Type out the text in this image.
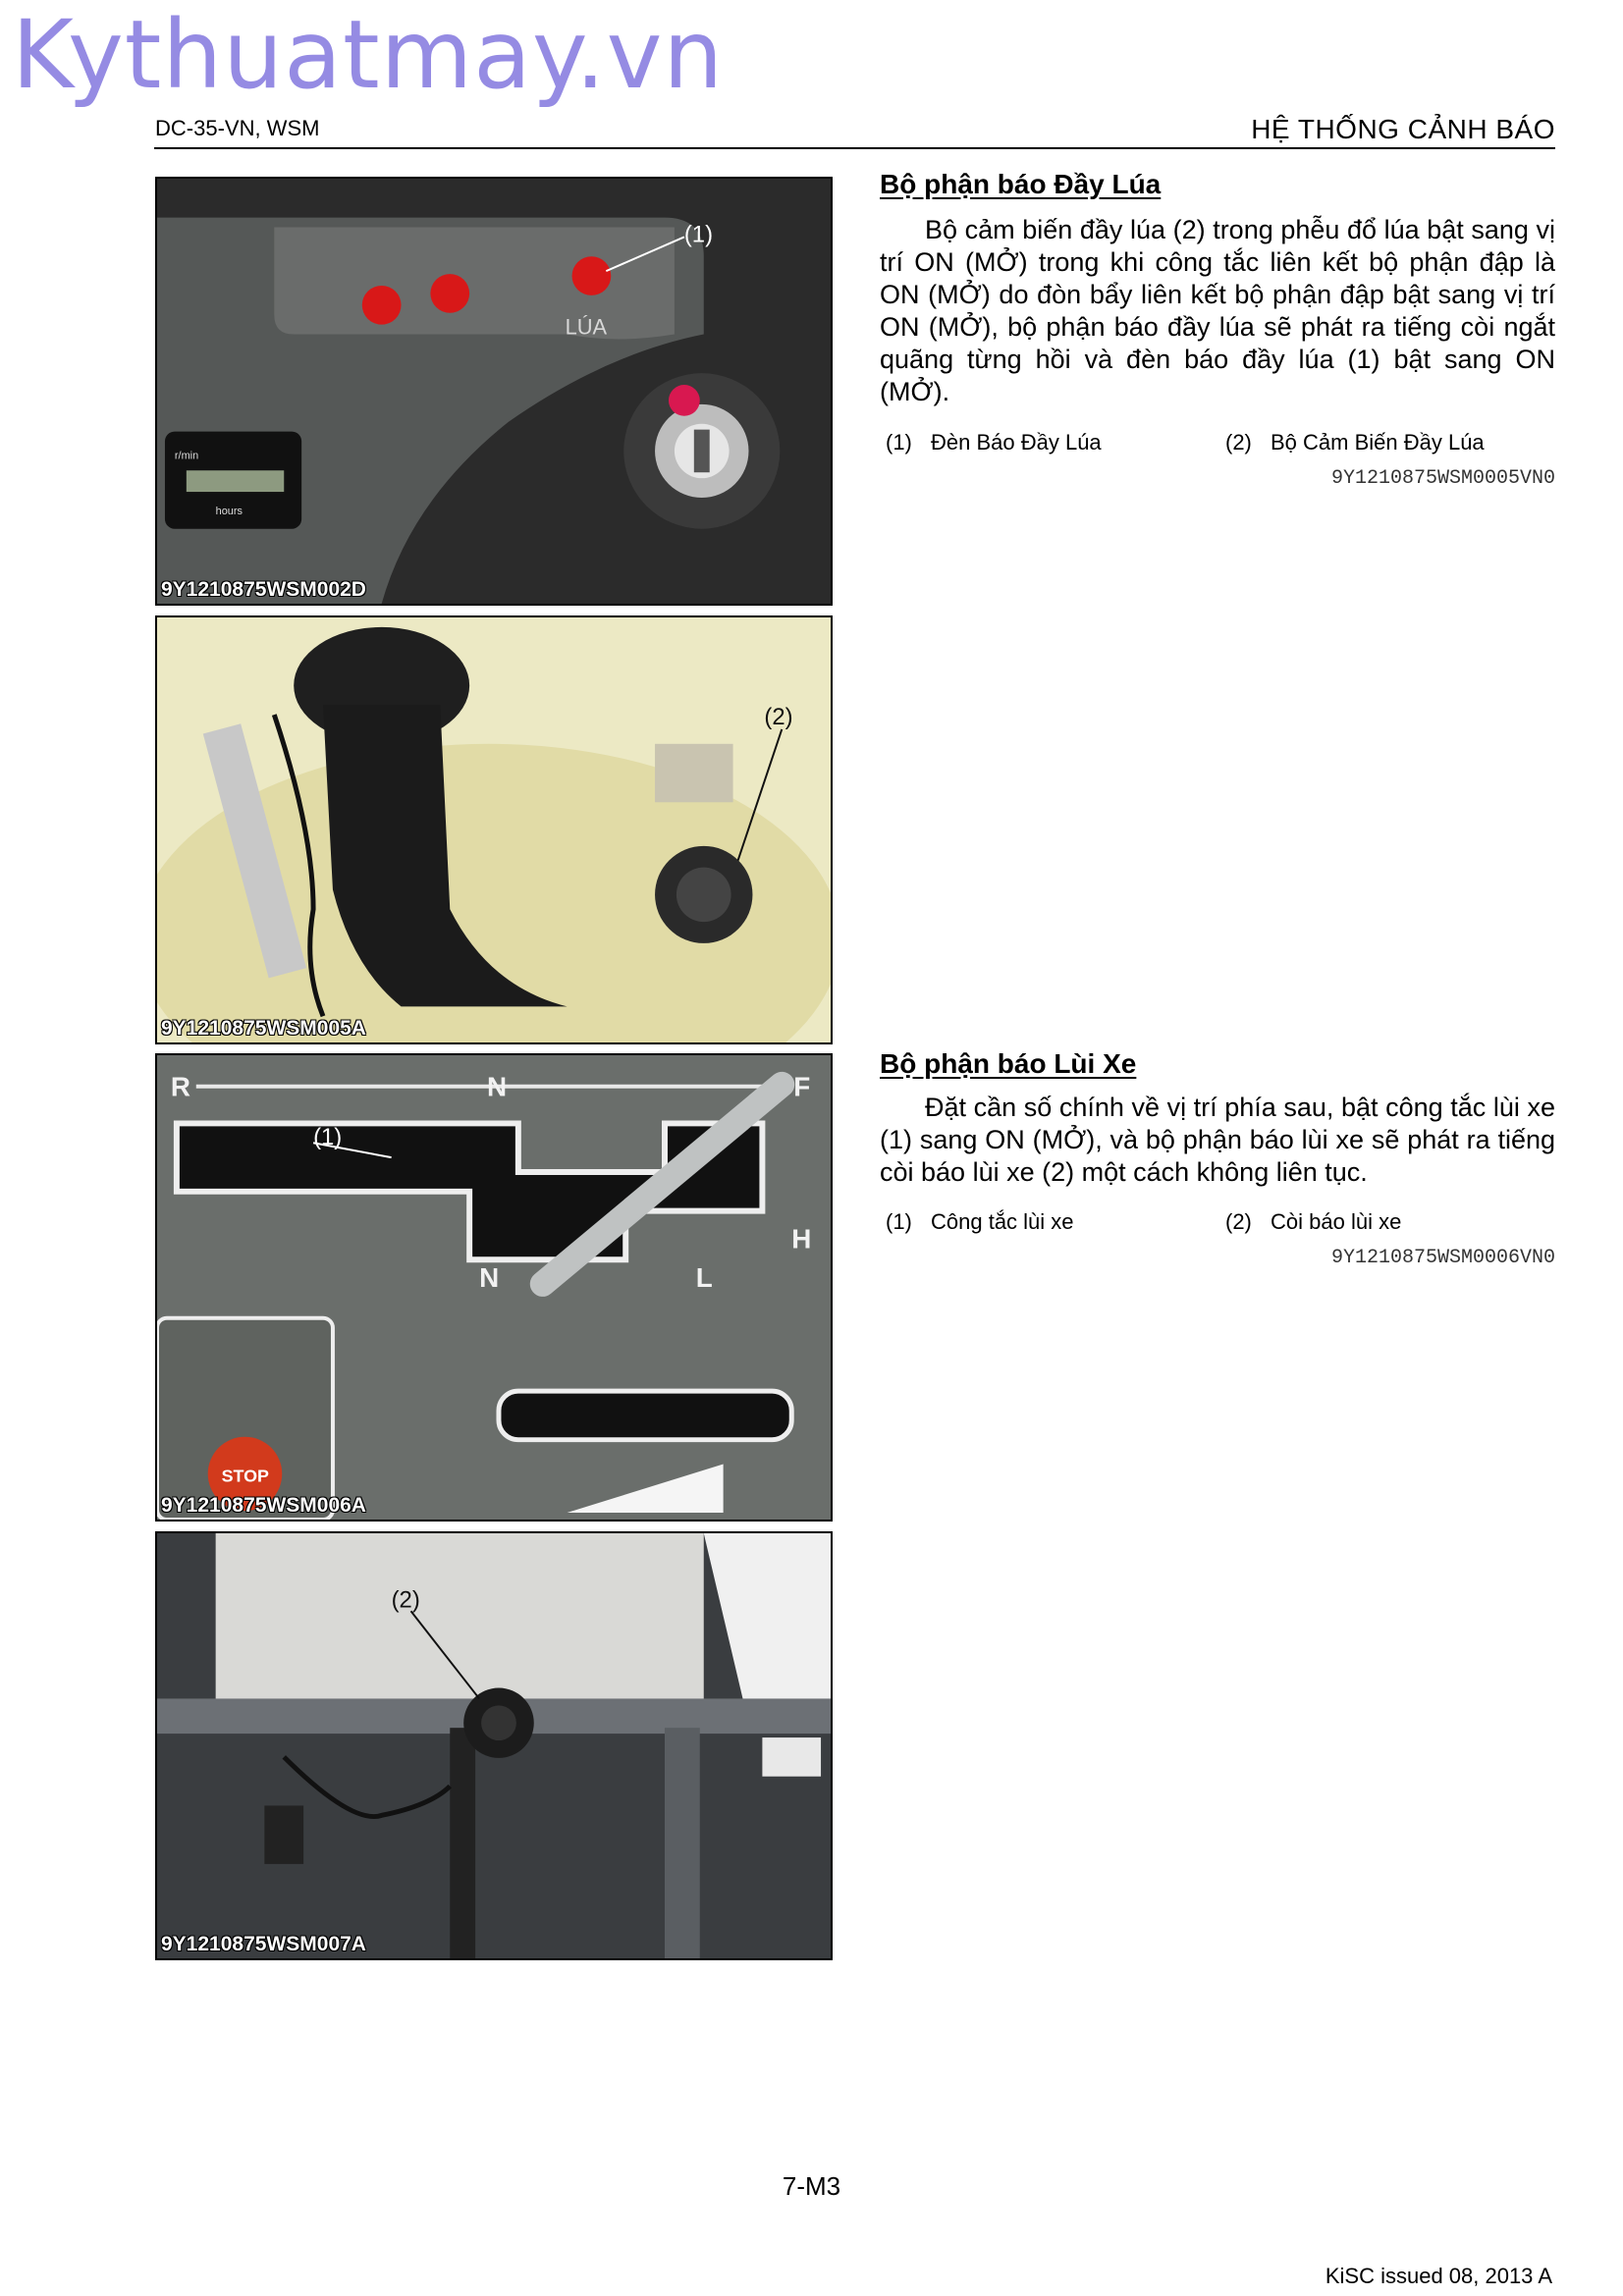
Kythuatmay.vn
DC-35-VN, WSM	HỆ THỐNG CẢNH BÁO
LÚA
(1)
r/min
hours
9Y1210875WSM002D
(2)
9Y1210875WSM005A
R	N	F
N
H
L
(1)
STOP
9Y1210875WSM006A
(2)
9Y1210875WSM007A
Bộ phận báo Đầy Lúa
Bộ cảm biến đầy lúa (2) trong phễu đổ lúa bật sang vị trí ON (MỞ) trong khi công tắc liên kết bộ phận đập là ON (MỞ) do đòn bẩy liên kết bộ phận đập bật sang vị trí ON (MỞ), bộ phận báo đầy lúa sẽ phát ra tiếng còi ngắt quãng từng hồi và đèn báo đầy lúa (1) bật sang ON (MỞ).
(1) Đèn Báo Đầy Lúa	(2) Bộ Cảm Biến Đầy Lúa
9Y1210875WSM0005VN0
Bộ phận báo Lùi Xe
Đặt cần số chính về vị trí phía sau, bật công tắc lùi xe (1) sang ON (MỞ), và bộ phận báo lùi xe sẽ phát ra tiếng còi báo lùi xe (2) một cách không liên tục.
(1) Công tắc lùi xe	(2) Còi báo lùi xe
9Y1210875WSM0006VN0
7-M3
KiSC issued 08, 2013 A
